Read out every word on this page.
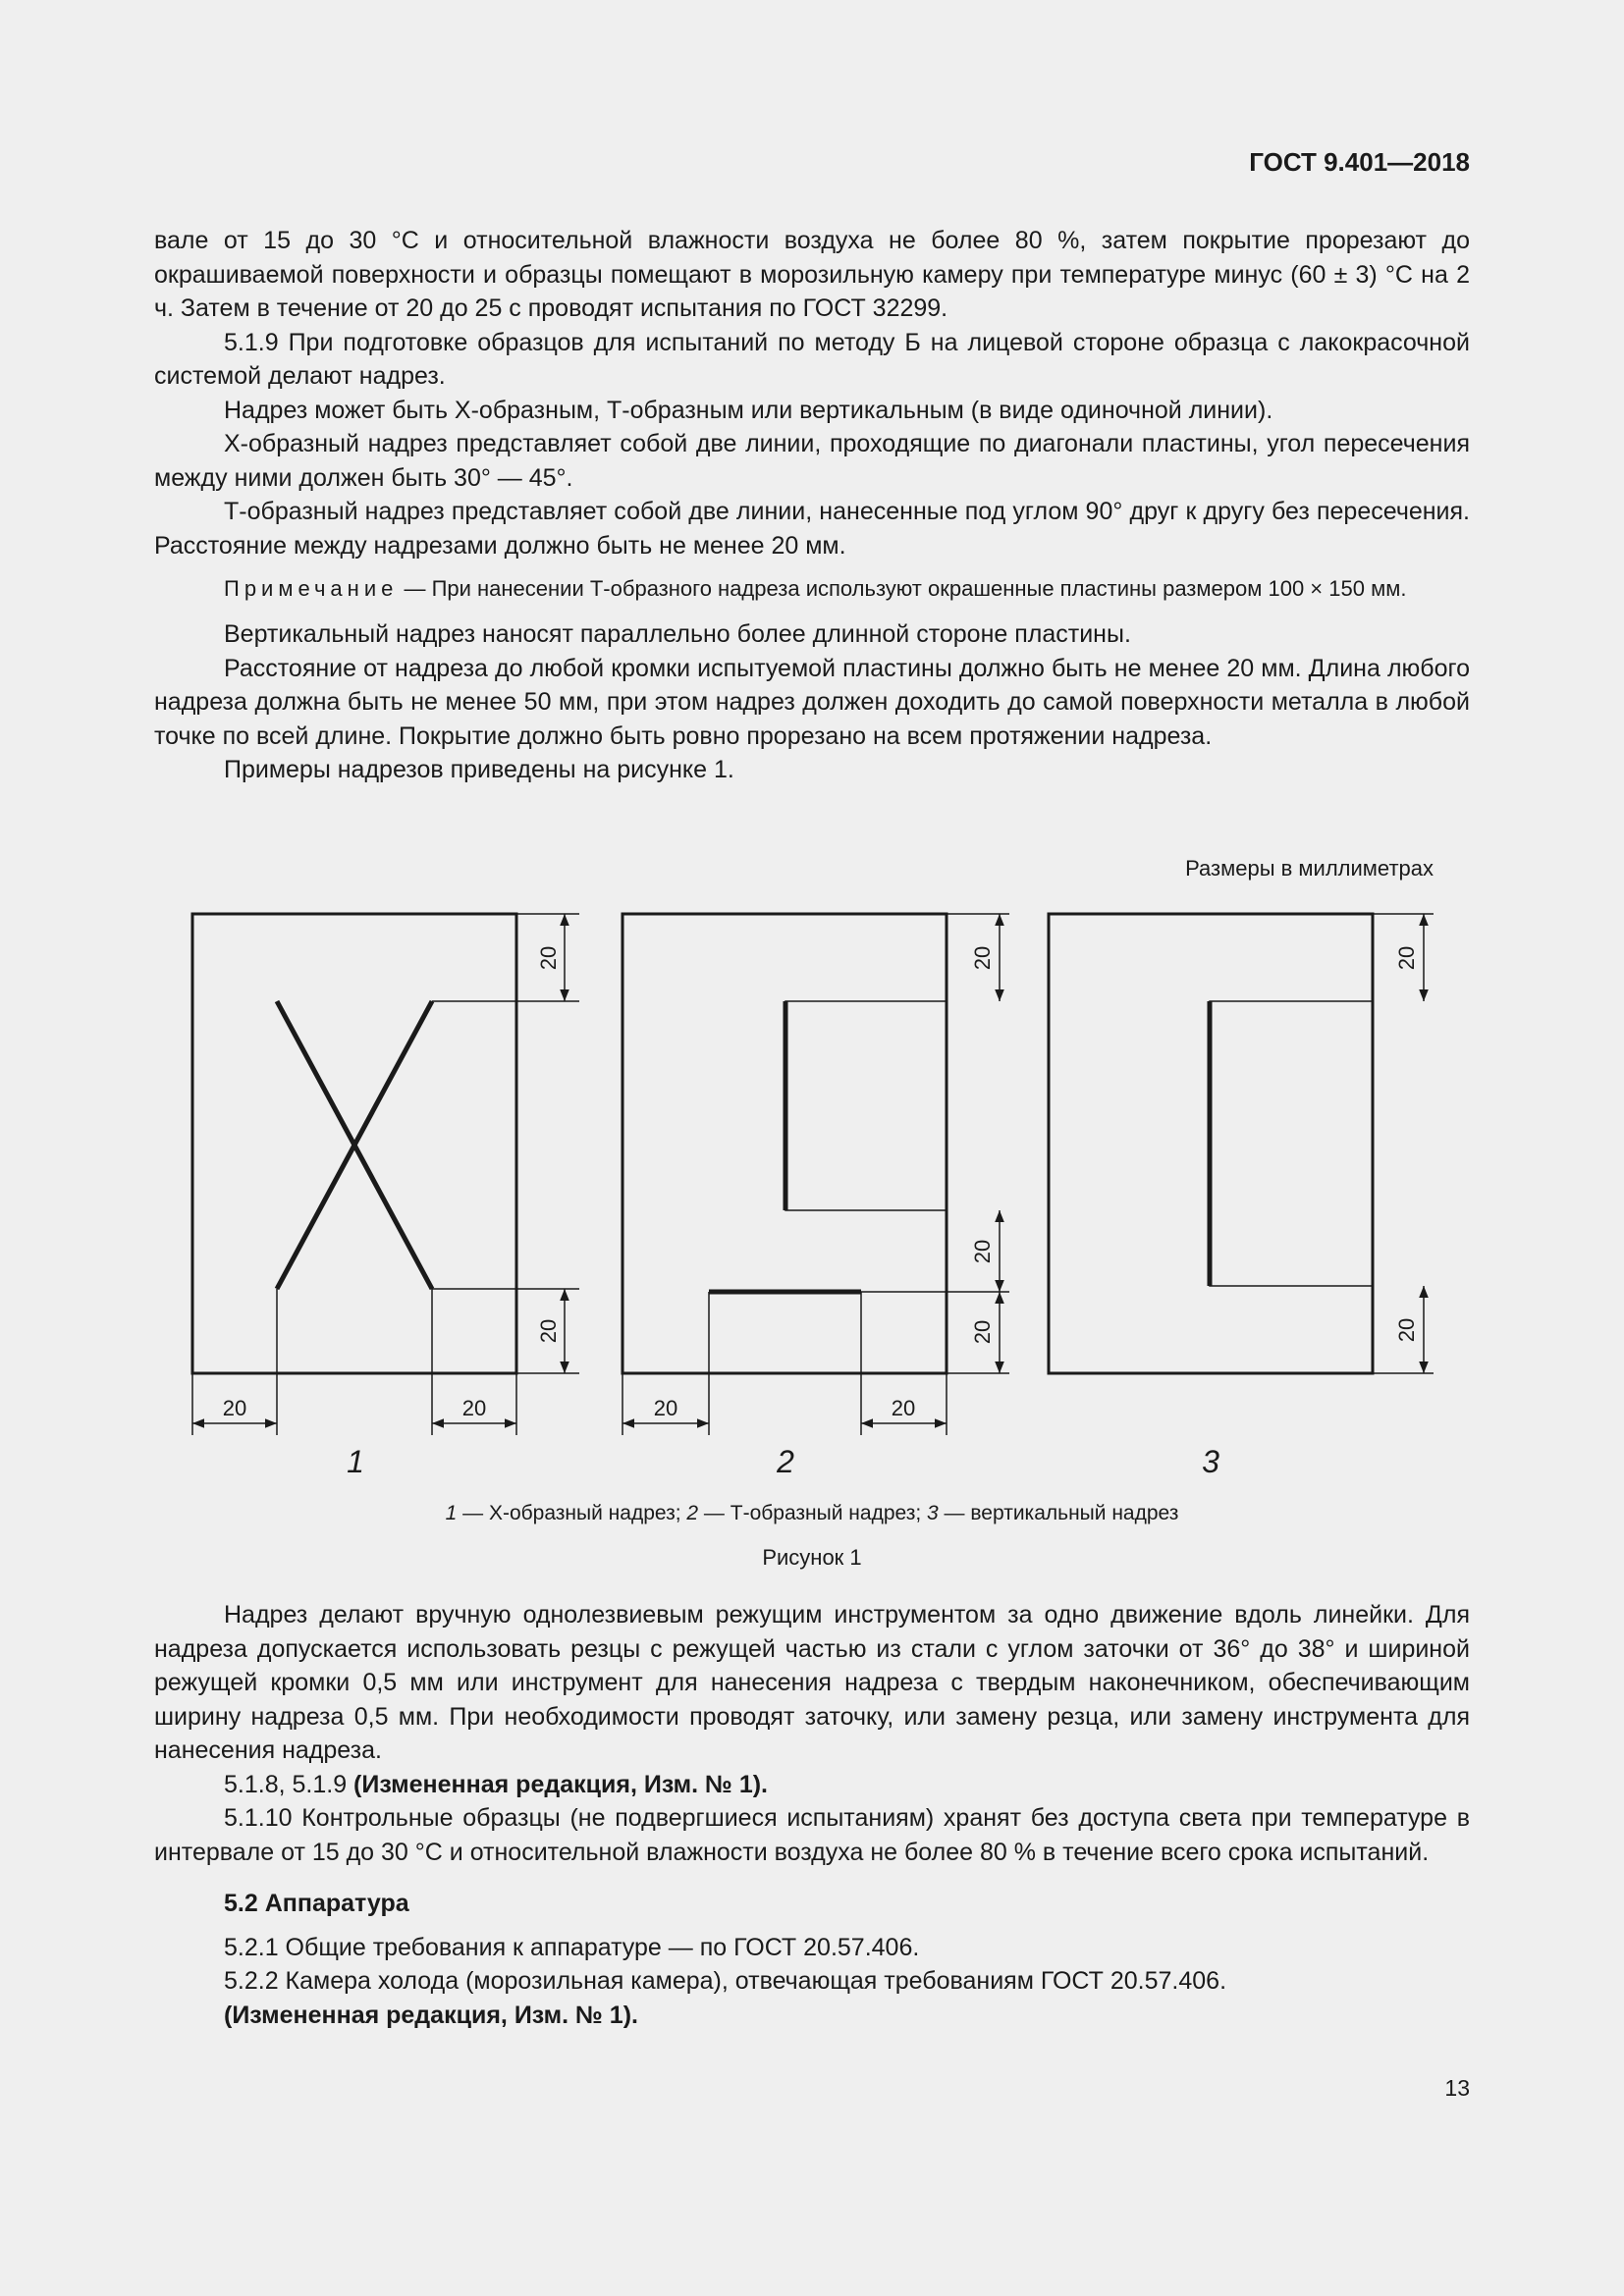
ГОСТ 9.401—2018

вале от 15 до 30 °C и относительной влажности воздуха не более 80 %, затем покрытие прорезают до окрашиваемой поверхности и образцы помещают в морозильную камеру при температуре минус (60 ± 3) °C на 2 ч. Затем в течение от 20 до 25 с проводят испытания по ГОСТ 32299.

5.1.9 При подготовке образцов для испытаний по методу Б на лицевой стороне образца с лакокрасочной системой делают надрез.

Надрез может быть Х-образным, Т-образным или вертикальным (в виде одиночной линии).

Х-образный надрез представляет собой две линии, проходящие по диагонали пластины, угол пересечения между ними должен быть 30° — 45°.

Т-образный надрез представляет собой две линии, нанесенные под углом 90° друг к другу без пересечения. Расстояние между надрезами должно быть не менее 20 мм.

Примечание — При нанесении Т-образного надреза используют окрашенные пластины размером 100 × 150 мм.

Вертикальный надрез наносят параллельно более длинной стороне пластины.

Расстояние от надреза до любой кромки испытуемой пластины должно быть не менее 20 мм. Длина любого надреза должна быть не менее 50 мм, при этом надрез должен доходить до самой поверхности металла в любой точке по всей длине. Покрытие должно быть ровно прорезано на всем протяжении надреза.

Примеры надрезов приведены на рисунке 1.

Размеры в миллиметрах
20
20
20	20
20
20
20
20	20
20
20
1	2	3
1 — Х-образный надрез; 2 — Т-образный надрез; 3 — вертикальный надрез
Рисунок 1

Надрез делают вручную однолезвиевым режущим инструментом за одно движение вдоль линейки. Для надреза допускается использовать резцы с режущей частью из стали с углом заточки от 36° до 38° и шириной режущей кромки 0,5 мм или инструмент для нанесения надреза с твердым наконечником, обеспечивающим ширину надреза 0,5 мм. При необходимости проводят заточку, или замену резца, или замену инструмента для нанесения надреза.

5.1.8, 5.1.9 (Измененная редакция, Изм. № 1).

5.1.10 Контрольные образцы (не подвергшиеся испытаниям) хранят без доступа света при температуре в интервале от 15 до 30 °C и относительной влажности воздуха не более 80 % в течение всего срока испытаний.

5.2 Аппаратура

5.2.1 Общие требования к аппаратуре — по ГОСТ 20.57.406.

5.2.2 Камера холода (морозильная камера), отвечающая требованиям ГОСТ 20.57.406.

(Измененная редакция, Изм. № 1).

13
